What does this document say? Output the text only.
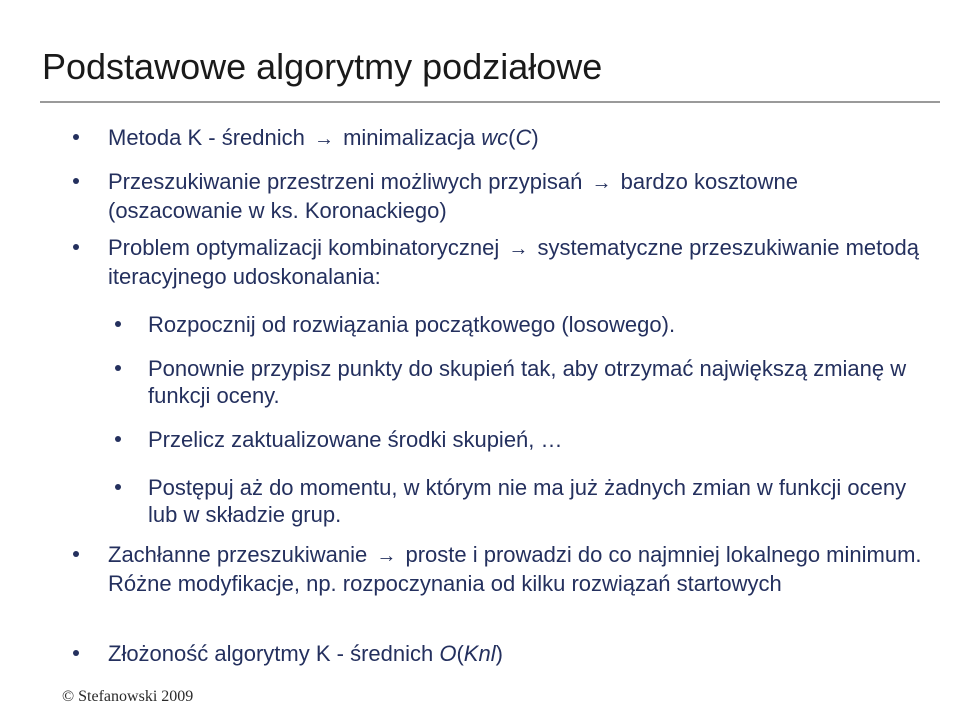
Podstawowe algorytmy podziałowe
Metoda K - średnich → minimalizacja wc(C)
Przeszukiwanie przestrzeni możliwych przypisań → bardzo kosztowne (oszacowanie w ks. Koronackiego)
Problem optymalizacji kombinatorycznej → systematyczne przeszukiwanie metodą iteracyjnego udoskonalania:
Rozpocznij od rozwiązania początkowego (losowego).
Ponownie przypisz punkty do skupień tak, aby otrzymać największą zmianę w funkcji oceny.
Przelicz zaktualizowane środki skupień, …
Postępuj aż do momentu, w którym nie ma już żadnych zmian w funkcji oceny lub w składzie grup.
Zachłanne przeszukiwanie → proste i prowadzi do co najmniej lokalnego minimum. Różne modyfikacje, np. rozpoczynania od kilku rozwiązań startowych
Złożoność algorytmy K - średnich O(Knl)
© Stefanowski 2009
